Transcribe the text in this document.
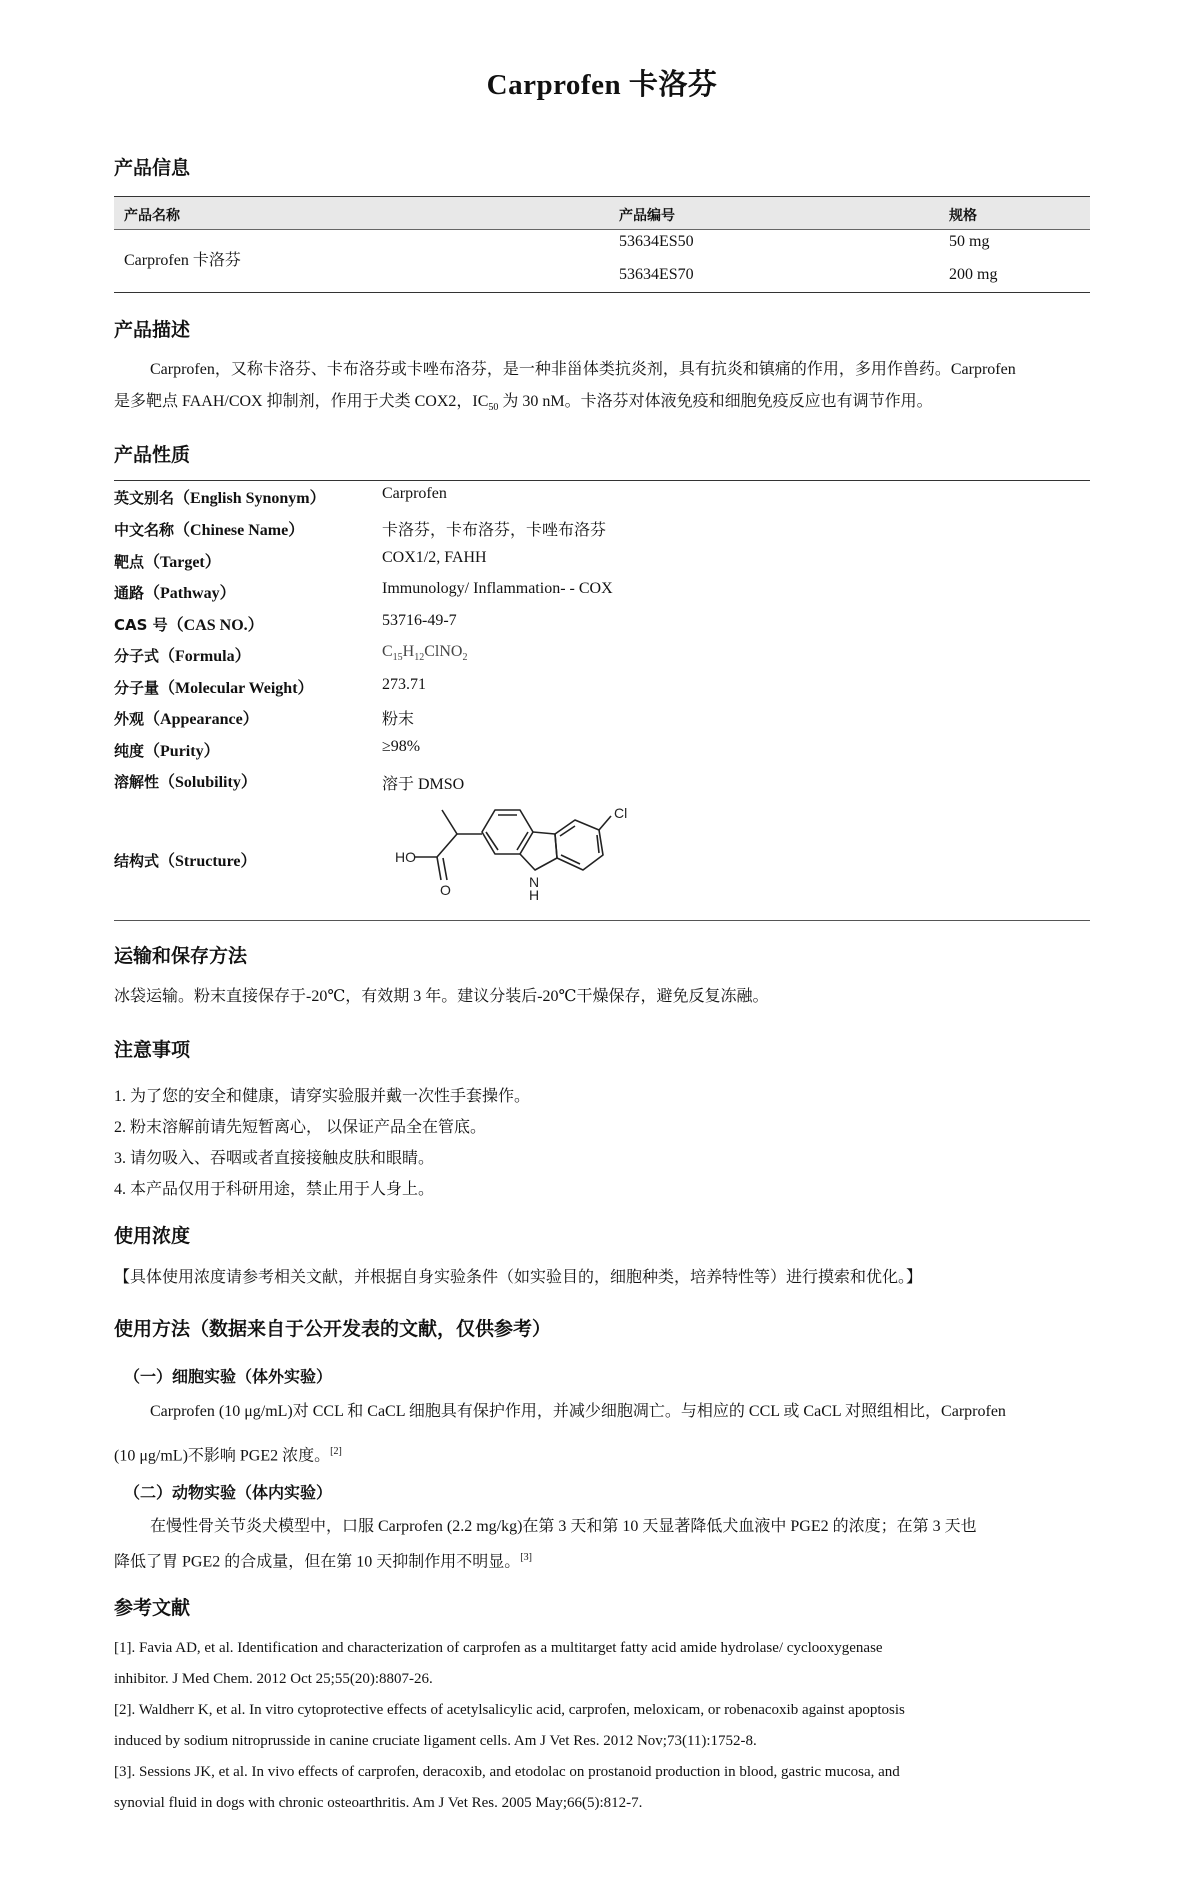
Carprofen 卡洛芬
产品信息
产品名称	产品编号	规格
Carprofen 卡洛芬
53634ES50	50 mg
53634ES70	200 mg
产品描述
Carprofen，又称卡洛芬、卡布洛芬或卡唑布洛芬，是一种非甾体类抗炎剂，具有抗炎和镇痛的作用，多用作兽药。Carprofen
是多靶点 FAAH/COX 抑制剂，作用于犬类 COX2，$IC_{50}$ 为 30 nM。卡洛芬对体液免疫和细胞免疫反应也有调节作用。
产品性质
英文别名（English Synonym）	Carprofen
中文名称（Chinese Name）	卡洛芬，卡布洛芬，卡唑布洛芬
靶点（Target）	COX1/2, FAHH
通路（Pathway）	Immunology/ Inflammation- - COX
CAS 号（CAS NO.）	53716-49-7
分子式（Formula）	$C_{15}H_{12}ClNO_2$
分子量（Molecular Weight）	273.71
外观（Appearance）	粉末
纯度（Purity）	≥98%
溶解性（Solubility）	溶于 DMSO
结构式（Structure）
Cl
HO
O	N
H
运输和保存方法
冰袋运输。粉末直接保存于-20℃，有效期 3 年。建议分装后-20℃干燥保存，避免反复冻融。
注意事项
1. 为了您的安全和健康，请穿实验服并戴一次性手套操作。
2. 粉末溶解前请先短暂离心， 以保证产品全在管底。
3. 请勿吸入、吞咽或者直接接触皮肤和眼睛。
4. 本产品仅用于科研用途，禁止用于人身上。
使用浓度
【具体使用浓度请参考相关文献，并根据自身实验条件（如实验目的，细胞种类，培养特性等）进行摸索和优化。】
使用方法（数据来自于公开发表的文献，仅供参考）
（一）细胞实验（体外实验）
Carprofen (10 μg/mL)对 CCL 和 CaCL 细胞具有保护作用，并减少细胞凋亡。与相应的 CCL 或 CaCL 对照组相比，Carprofen
(10 μg/mL)不影响 PGE2 浓度。[2]
（二）动物实验（体内实验）
在慢性骨关节炎犬模型中，口服 Carprofen (2.2 mg/kg)在第 3 天和第 10 天显著降低犬血液中 PGE2 的浓度；在第 3 天也
降低了胃 PGE2 的合成量，但在第 10 天抑制作用不明显。[3]
参考文献
[1]. Favia AD, et al. Identification and characterization of carprofen as a multitarget fatty acid amide hydrolase/ cyclooxygenase
inhibitor. J Med Chem. 2012 Oct 25;55(20):8807-26.
[2]. Waldherr K, et al. In vitro cytoprotective effects of acetylsalicylic acid, carprofen, meloxicam, or robenacoxib against apoptosis
induced by sodium nitroprusside in canine cruciate ligament cells. Am J Vet Res. 2012 Nov;73(11):1752-8.
[3]. Sessions JK, et al. In vivo effects of carprofen, deracoxib, and etodolac on prostanoid production in blood, gastric mucosa, and
synovial fluid in dogs with chronic osteoarthritis. Am J Vet Res. 2005 May;66(5):812-7.
